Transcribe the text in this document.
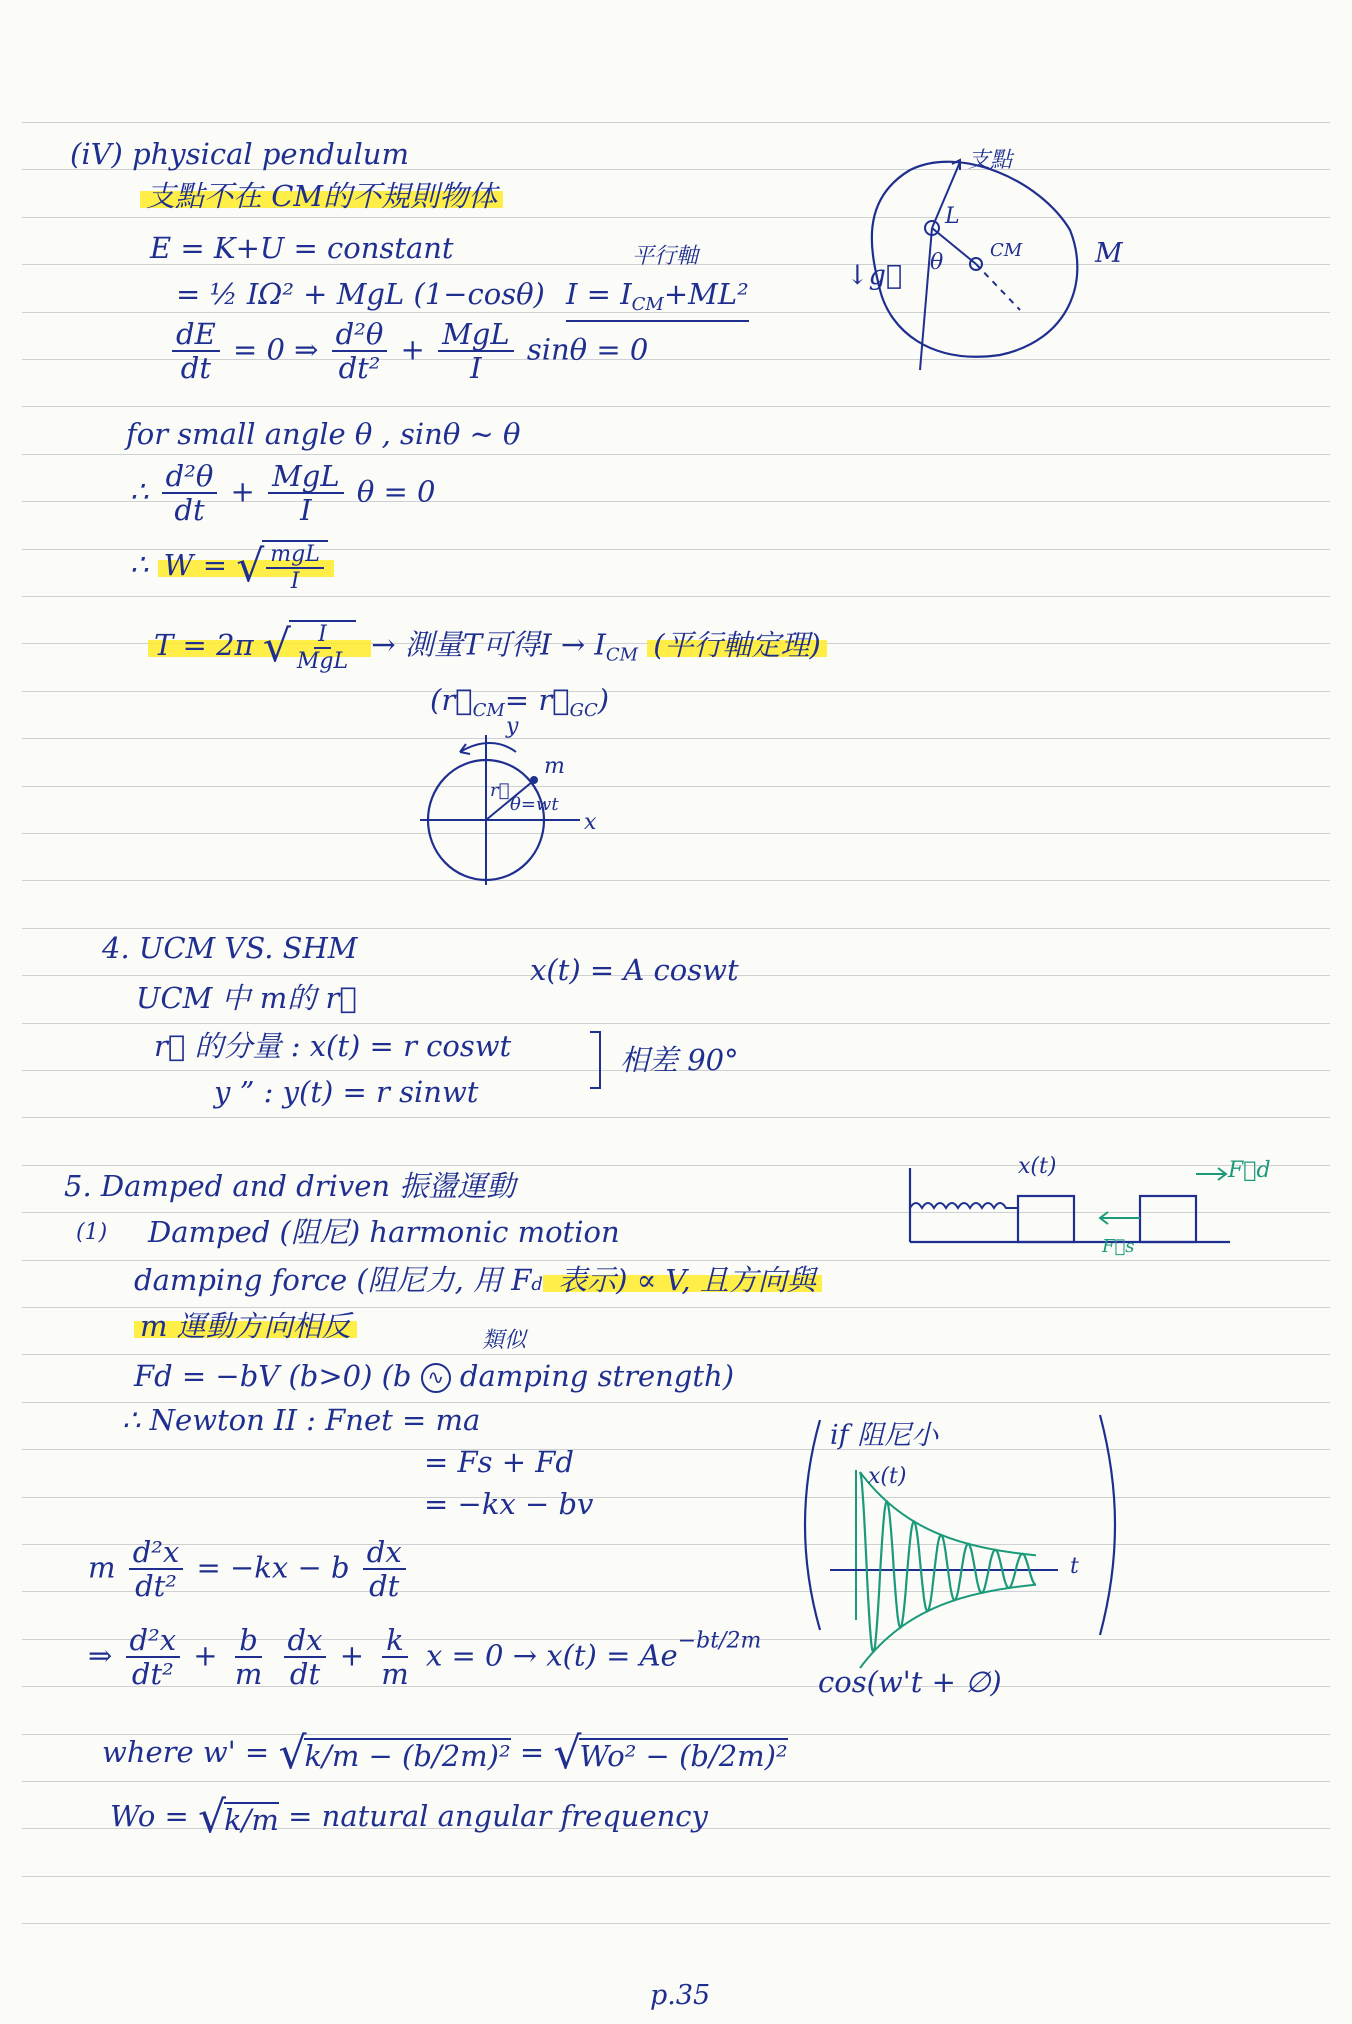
(iV) physical pendulum
支點不在 CM的不規則物体
E = K+U = constant
= ½ IΩ² + MgL (1−cosθ)
平行軸
$I = I_{CM}+ML^2$
$\frac{dE}{dt} = 0$ ⇒ $\frac{\text{d²θ}}{\text{dt²}} + \frac{\text{MgL}}{I}$ sinθ = 0
for small angle θ , sinθ ∼ θ
∴ $\frac{\text{d²θ}}{dt} + \frac{\text{MgL}}{I}$ θ = 0
∴ W = √ $\frac{\text{mgL}}{I}$
T = 2π √ $\frac{I}{\text{MgL}}$ → 測量T可得$I \to I_{CM}$ (平行軸定理)
($r⃗_{CM}=$ $r⃗_{GC}$)
支點
L
θ	CM	M
↓g⃗
y
m
r⃗
θ=wt
x
4. UCM VS. SHM
x(t) = A coswt
UCM 中 m的 r⃗
r⃗ 的分量 : x(t) = r coswt
y ” : y(t) = r sinwt
相差 90°
5. Damped and driven 振盪運動
(1) Damped (阻尼) harmonic motion
damping force (阻尼力, 用 Fd 表示) ∝ V, 且方向與
m 運動方向相反	類似
Fd = −bV (b>0) (b ∿ damping strength)
∴ Newton II : Fnet = ma
= Fs + Fd
= −kx − bv
m $\frac{\text{d²x}}{\text{dt²}} = -kx - b \frac{dx}{dt}$
⇒ $\frac{\text{d²x}}{\text{dt²}} + \frac{b}{m}$
$\frac{dx}{dt} + \frac{k}{m}$ $x = 0 \to x(t) = Ae^{-bt/2m}$
cos(w't + ∅)
where w' = √
k/m − (b/2m)² = √
Wo² − (b/2m)²
Wo = √
k/m = natural angular frequency
x(t)	F⃗d
F⃗s
if 阻尼小
x(t)
t
p.35
